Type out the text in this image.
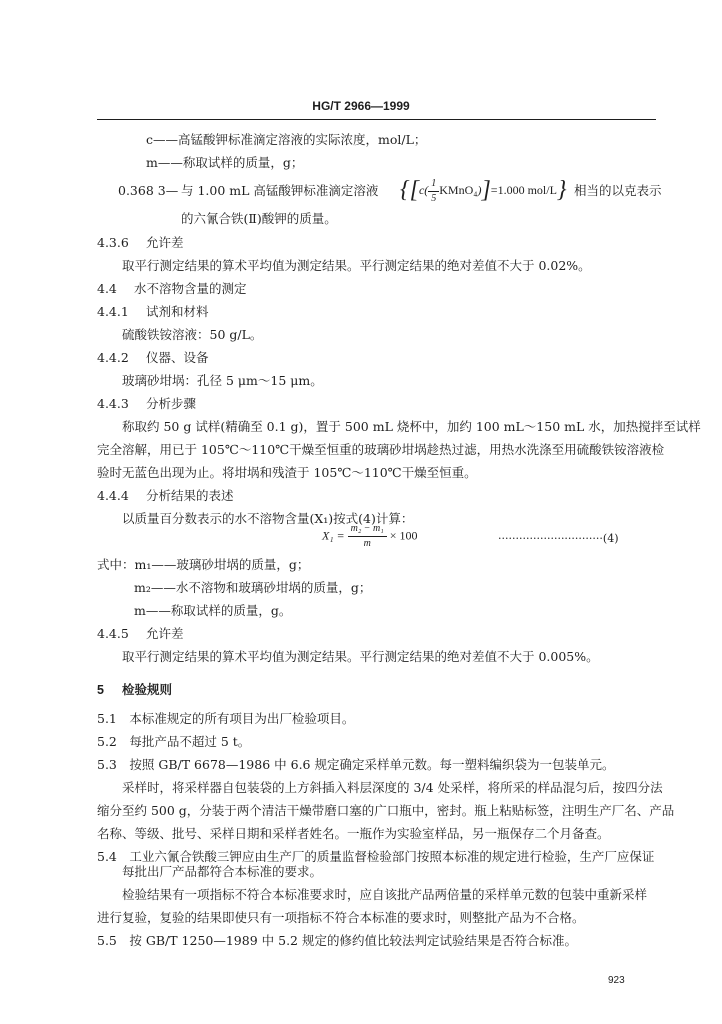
HG/T 2966—1999
c——高锰酸钾标准滴定溶液的实际浓度，mol/L；
m——称取试样的质量，g；
0.368 3— 与 1.00 mL 高锰酸钾标准滴定溶液 {[$c( \frac{1}{5}$ KMnO₄)]=1.000 mol/L} 相当的以克表示
的六氰合铁(Ⅱ)酸钾的质量。
4.3.6 允许差
取平行测定结果的算术平均值为测定结果。平行测定结果的绝对差值不大于 0.02%。
4.4 水不溶物含量的测定
4.4.1 试剂和材料
硫酸铁铵溶液：50 g/L。
4.4.2 仪器、设备
玻璃砂坩埚：孔径 5 μm～15 μm。
4.4.3 分析步骤
称取约 50 g 试样(精确至 0.1 g)，置于 500 mL 烧杯中，加约 100 mL～150 mL 水，加热搅拌至试样
完全溶解，用已于 105℃～110℃干燥至恒重的玻璃砂坩埚趁热过滤，用热水洗涤至用硫酸铁铵溶液检
验时无蓝色出现为止。将坩埚和残渣于 105℃～110℃干燥至恒重。
4.4.4 分析结果的表述
以质量百分数表示的水不溶物含量(X₁)按式(4)计算：
$X_1 = \frac{\text{m₂ − m₁}}{m} \times 100$	······························(4)
式中：m₁——玻璃砂坩埚的质量，g；
m₂——水不溶物和玻璃砂坩埚的质量，g；
m——称取试样的质量，g。
4.4.5 允许差
取平行测定结果的算术平均值为测定结果。平行测定结果的绝对差值不大于 0.005%。
5 检验规则
5.1　本标准规定的所有项目为出厂检验项目。
5.2　每批产品不超过 5 t。
5.3　按照 GB/T 6678—1986 中 6.6 规定确定采样单元数。每一塑料编织袋为一包装单元。
采样时，将采样器自包装袋的上方斜插入料层深度的 3/4 处采样，将所采的样品混匀后，按四分法
缩分至约 500 g，分装于两个清洁干燥带磨口塞的广口瓶中，密封。瓶上粘贴标签，注明生产厂名、产品
名称、等级、批号、采样日期和采样者姓名。一瓶作为实验室样品，另一瓶保存二个月备查。
5.4　工业六氰合铁酸三钾应由生产厂的质量监督检验部门按照本标准的规定进行检验，生产厂应保证
每批出厂产品都符合本标准的要求。
检验结果有一项指标不符合本标准要求时，应自该批产品两倍量的采样单元数的包装中重新采样
进行复验，复验的结果即使只有一项指标不符合本标准的要求时，则整批产品为不合格。
5.5　按 GB/T 1250—1989 中 5.2 规定的修约值比较法判定试验结果是否符合标准。
923
